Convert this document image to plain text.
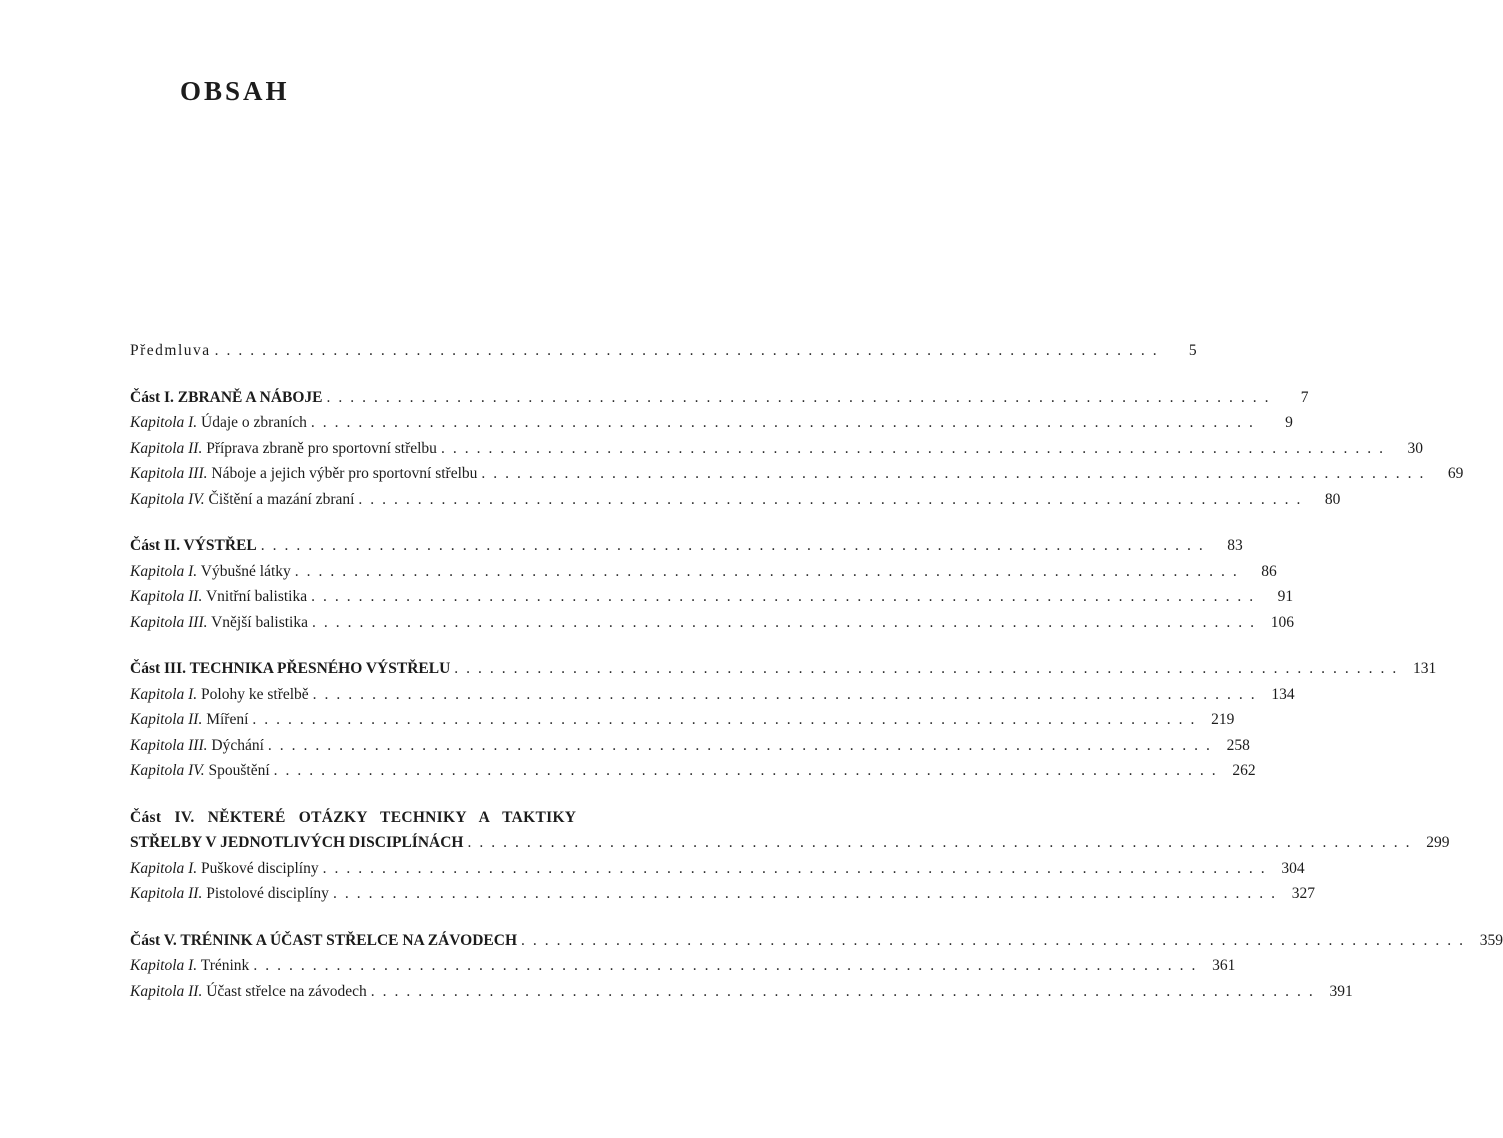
OBSAH
Předmluva ................................................................................	5
Část I. ZBRANĚ A NÁBOJE ................................................................................	7
Kapitola I. Údaje o zbraních ................................................................................	9
Kapitola II. Příprava zbraně pro sportovní střelbu ................................................................................	30
Kapitola III. Náboje a jejich výběr pro sportovní střelbu ................................................................................	69
Kapitola IV. Čištění a mazání zbraní ................................................................................	80
Část II. VÝSTŘEL ................................................................................	83
Kapitola I. Výbušné látky ................................................................................	86
Kapitola II. Vnitřní balistika ................................................................................	91
Kapitola III. Vnější balistika ................................................................................ 106
Část III. TECHNIKA PŘESNÉHO VÝSTŘELU ................................................................................ 131
Kapitola I. Polohy ke střelbě ................................................................................ 134
Kapitola II. Míření ................................................................................ 219
Kapitola III. Dýchání ................................................................................ 258
Kapitola IV. Spouštění ................................................................................ 262
Část IV. NĚKTERÉ OTÁZKY TECHNIKY A TAKTIKY
STŘELBY V JEDNOTLIVÝCH DISCIPLÍNÁCH ................................................................................ 299
Kapitola I. Puškové disciplíny ................................................................................ 304
Kapitola II. Pistolové disciplíny ................................................................................ 327
Část V. TRÉNINK A ÚČAST STŘELCE NA ZÁVODECH ................................................................................ 359
Kapitola I. Trénink ................................................................................ 361
Kapitola II. Účast střelce na závodech ................................................................................ 391
